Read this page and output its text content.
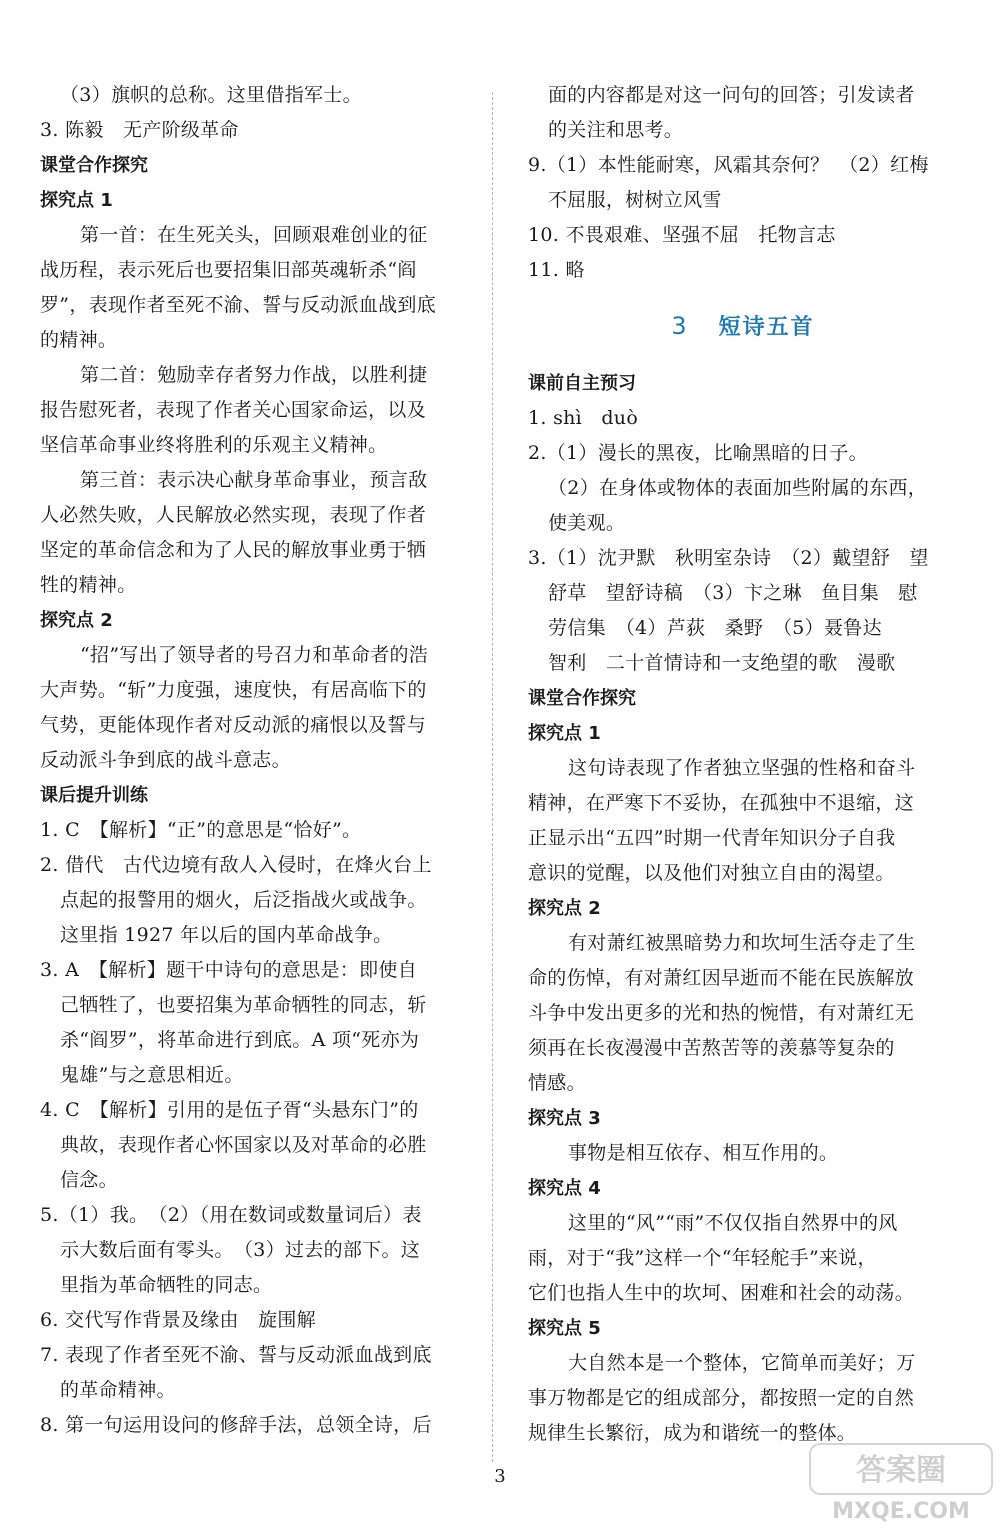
（3）旗帜的总称。这里借指军士。
3. 陈毅　无产阶级革命
课堂合作探究
探究点 1
第一首：在生死关头，回顾艰难创业的征
战历程，表示死后也要招集旧部英魂斩杀“阎
罗”，表现作者至死不渝、誓与反动派血战到底
的精神。
第二首：勉励幸存者努力作战，以胜利捷
报告慰死者，表现了作者关心国家命运，以及
坚信革命事业终将胜利的乐观主义精神。
第三首：表示决心献身革命事业，预言敌
人必然失败，人民解放必然实现，表现了作者
坚定的革命信念和为了人民的解放事业勇于牺
牲的精神。
探究点 2
“招”写出了领导者的号召力和革命者的浩
大声势。“斩”力度强，速度快，有居高临下的
气势，更能体现作者对反动派的痛恨以及誓与
反动派斗争到底的战斗意志。
课后提升训练
1. C　【解析】“正”的意思是“恰好”。
2. 借代　古代边境有敌人入侵时，在烽火台上
点起的报警用的烟火，后泛指战火或战争。
这里指 1927 年以后的国内革命战争。
3. A　【解析】题干中诗句的意思是：即使自
己牺牲了，也要招集为革命牺牲的同志，斩
杀“阎罗”，将革命进行到底。A 项“死亦为
鬼雄”与之意思相近。
4. C　【解析】引用的是伍子胥“头悬东门”的
典故，表现作者心怀国家以及对革命的必胜
信念。
5.（1）我。　（2）（用在数词或数量词后）表
示大数后面有零头。　（3）过去的部下。这
里指为革命牺牲的同志。
6. 交代写作背景及缘由　旋围解
7. 表现了作者至死不渝、誓与反动派血战到底
的革命精神。
8. 第一句运用设问的修辞手法，总领全诗，后
面的内容都是对这一问句的回答；引发读者
的关注和思考。
9.（1）本性能耐寒，风霜其奈何？　（2）红梅
不屈服，树树立风雪
10. 不畏艰难、坚强不屈　托物言志
11. 略
3 短诗五首
课前自主预习
1. shì　duò
2.（1）漫长的黑夜，比喻黑暗的日子。
（2）在身体或物体的表面加些附属的东西，
使美观。
3.（1）沈尹默　秋明室杂诗　（2）戴望舒　望
舒草　望舒诗稿　（3）卞之琳　鱼目集　慰
劳信集　（4）芦荻　桑野　（5）聂鲁达
智利　二十首情诗和一支绝望的歌　漫歌
课堂合作探究
探究点 1
这句诗表现了作者独立坚强的性格和奋斗
精神，在严寒下不妥协，在孤独中不退缩，这
正显示出“五四”时期一代青年知识分子自我
意识的觉醒，以及他们对独立自由的渴望。
探究点 2
有对萧红被黑暗势力和坎坷生活夺走了生
命的伤悼，有对萧红因早逝而不能在民族解放
斗争中发出更多的光和热的惋惜，有对萧红无
须再在长夜漫漫中苦熬苦等的羡慕等复杂的
情感。
探究点 3
事物是相互依存、相互作用的。
探究点 4
这里的“风”“雨”不仅仅指自然界中的风
雨，对于“我”这样一个“年轻舵手”来说，
它们也指人生中的坎坷、困难和社会的动荡。
探究点 5
大自然本是一个整体，它简单而美好；万
事万物都是它的组成部分，都按照一定的自然
规律生长繁衍，成为和谐统一的整体。
3	答案圈
MXQE.COM
